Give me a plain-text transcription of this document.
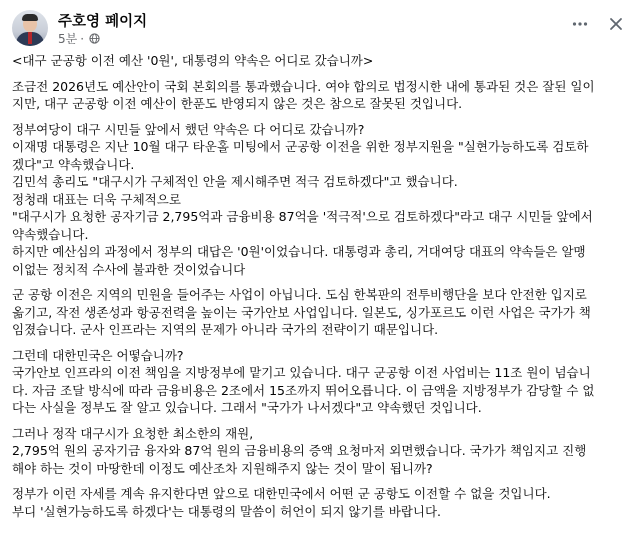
주호영 페이지
5분 ·
<대구 군공항 이전 예산 '0원', 대통령의 약속은 어디로 갔습니까>
조금전 2026년도 예산안이 국회 본회의를 통과했습니다. 여야 합의로 법정시한 내에 통과된 것은 잘된 일이
지만, 대구 군공항 이전 예산이 한푼도 반영되지 않은 것은 참으로 잘못된 것입니다.
정부여당이 대구 시민들 앞에서 했던 약속은 다 어디로 갔습니까?
이재명 대통령은 지난 10월 대구 타운홀 미팅에서 군공항 이전을 위한 정부지원을 "실현가능하도록 검토하
겠다"고 약속했습니다.
김민석 총리도 "대구시가 구체적인 안을 제시해주면 적극 검토하겠다"고 했습니다.
정청래 대표는 더욱 구체적으로
"대구시가 요청한 공자기금 2,795억과 금융비용 87억을 '적극적'으로 검토하겠다"라고 대구 시민들 앞에서
약속했습니다.
하지만 예산심의 과정에서 정부의 대답은 '0원'이었습니다. 대통령과 총리, 거대여당 대표의 약속들은 알맹
이없는 정치적 수사에 불과한 것이었습니다
군 공항 이전은 지역의 민원을 들어주는 사업이 아닙니다. 도심 한복판의 전투비행단을 보다 안전한 입지로
옮기고, 작전 생존성과 항공전력을 높이는 국가안보 사업입니다. 일본도, 싱가포르도 이런 사업은 국가가 책
임졌습니다. 군사 인프라는 지역의 문제가 아니라 국가의 전략이기 때문입니다.
그런데 대한민국은 어떻습니까?
국가안보 인프라의 이전 책임을 지방정부에 맡기고 있습니다. 대구 군공항 이전 사업비는 11조 원이 넘습니
다. 자금 조달 방식에 따라 금융비용은 2조에서 15조까지 뛰어오릅니다. 이 금액을 지방정부가 감당할 수 없
다는 사실을 정부도 잘 알고 있습니다. 그래서 "국가가 나서겠다"고 약속했던 것입니다.
그러나 정작 대구시가 요청한 최소한의 재원,
2,795억 원의 공자기금 융자와 87억 원의 금융비용의 증액 요청마저 외면했습니다. 국가가 책임지고 진행
해야 하는 것이 마땅한데 이정도 예산조차 지원해주지 않는 것이 말이 됩니까?
정부가 이런 자세를 계속 유지한다면 앞으로 대한민국에서 어떤 군 공항도 이전할 수 없을 것입니다.
부디 '실현가능하도록 하겠다'는 대통령의 말씀이 허언이 되지 않기를 바랍니다.
